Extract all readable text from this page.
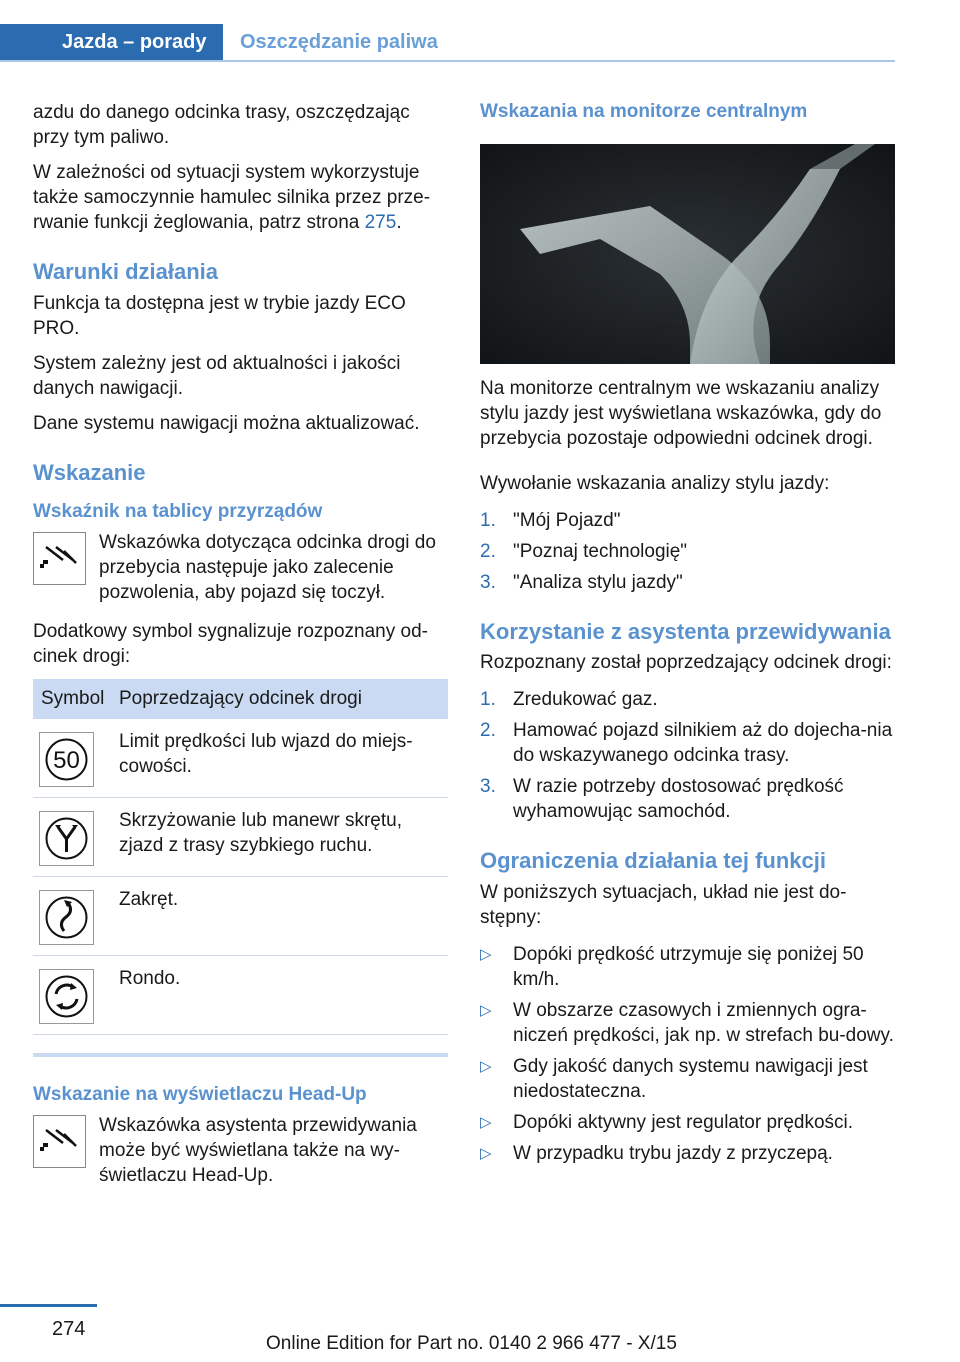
Jazda – porady	Oszczędzanie paliwa

azdu do danego odcinka trasy, oszczędzając przy tym paliwo.

W zależności od sytuacji system wykorzystuje także samoczynnie hamulec silnika przez prze-rwanie funkcji żeglowania, patrz strona 275.

Warunki działania

Funkcja ta dostępna jest w trybie jazdy ECO PRO.

System zależny jest od aktualności i jakości danych nawigacji.

Dane systemu nawigacji można aktualizować.

Wskazanie
Wskaźnik na tablicy przyrządów

Wskazówka dotycząca odcinka drogi do przebycia następuje jako zalecenie pozwolenia, aby pojazd się toczył.

Dodatkowy symbol sygnalizuje rozpoznany od-cinek drogi:

Symbol	Poprzedzający odcinek drogi

50	Limit prędkości lub wjazd do miejs-cowości.

	Skrzyżowanie lub manewr skrętu, zjazd z trasy szybkiego ruchu.

	Zakręt.

	Rondo.
Wskazanie na wyświetlaczu Head-Up

Wskazówka asystenta przewidywania może być wyświetlana także na wy-świetlaczu Head-Up.

Wskazania na monitorze centralnym

Na monitorze centralnym we wskazaniu analizy stylu jazdy jest wyświetlana wskazówka, gdy do przebycia pozostaje odpowiedni odcinek drogi.

Wywołanie wskazania analizy stylu jazdy:

1. "Mój Pojazd"
2. "Poznaj technologię"
3. "Analiza stylu jazdy"
Korzystanie z asystenta przewidywania

Rozpoznany został poprzedzający odcinek drogi:

1. Zredukować gaz.
2. Hamować pojazd silnikiem aż do dojecha-nia do wskazywanego odcinka trasy.
3. W razie potrzeby dostosować prędkość wyhamowując samochód.
Ograniczenia działania tej funkcji

W poniższych sytuacjach, układ nie jest do-stępny:

▷	Dopóki prędkość utrzymuje się poniżej 50 km/h.
▷	W obszarze czasowych i zmiennych ogra-niczeń prędkości, jak np. w strefach bu-dowy.
▷	Gdy jakość danych systemu nawigacji jest niedostateczna.
▷	Dopóki aktywny jest regulator prędkości.
▷	W przypadku trybu jazdy z przyczepą.
274
Online Edition for Part no. 0140 2 966 477 - X/15
